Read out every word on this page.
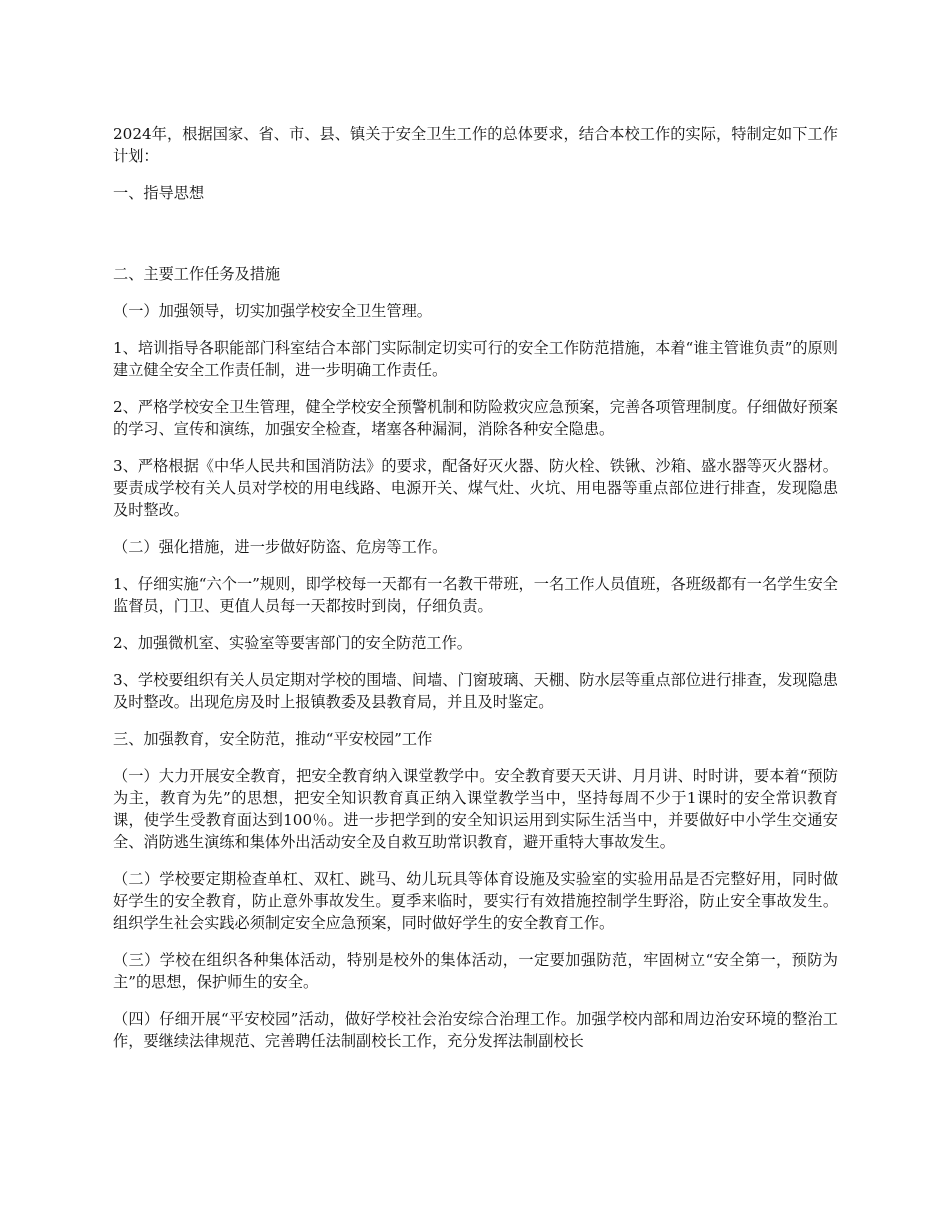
2024年，根据国家、省、市、县、镇关于安全卫生工作的总体要求，结合本校工作的实际，特制定如下工作计划：

一、指导思想

二、主要工作任务及措施

（一）加强领导，切实加强学校安全卫生管理。

1、培训指导各职能部门科室结合本部门实际制定切实可行的安全工作防范措施，本着“谁主管谁负责”的原则建立健全安全工作责任制，进一步明确工作责任。

2、严格学校安全卫生管理，健全学校安全预警机制和防险救灾应急预案，完善各项管理制度。仔细做好预案的学习、宣传和演练，加强安全检查，堵塞各种漏洞，消除各种安全隐患。

3、严格根据《中华人民共和国消防法》的要求，配备好灭火器、防火栓、铁锹、沙箱、盛水器等灭火器材。要责成学校有关人员对学校的用电线路、电源开关、煤气灶、火坑、用电器等重点部位进行排查，发现隐患及时整改。

（二）强化措施，进一步做好防盗、危房等工作。

1、仔细实施“六个一”规则，即学校每一天都有一名教干带班，一名工作人员值班，各班级都有一名学生安全监督员，门卫、更值人员每一天都按时到岗，仔细负责。

2、加强微机室、实验室等要害部门的安全防范工作。

3、学校要组织有关人员定期对学校的围墙、间墙、门窗玻璃、天棚、防水层等重点部位进行排查，发现隐患及时整改。出现危房及时上报镇教委及县教育局，并且及时鉴定。

三、加强教育，安全防范，推动“平安校园”工作

（一）大力开展安全教育，把安全教育纳入课堂教学中。安全教育要天天讲、月月讲、时时讲，要本着“预防为主，教育为先”的思想，把安全知识教育真正纳入课堂教学当中，坚持每周不少于1课时的安全常识教育课，使学生受教育面达到100％。进一步把学到的安全知识运用到实际生活当中，并要做好中小学生交通安全、消防逃生演练和集体外出活动安全及自救互助常识教育，避开重特大事故发生。

（二）学校要定期检查单杠、双杠、跳马、幼儿玩具等体育设施及实验室的实验用品是否完整好用，同时做好学生的安全教育，防止意外事故发生。夏季来临时，要实行有效措施控制学生野浴，防止安全事故发生。组织学生社会实践必须制定安全应急预案，同时做好学生的安全教育工作。

（三）学校在组织各种集体活动，特别是校外的集体活动，一定要加强防范，牢固树立“安全第一，预防为主”的思想，保护师生的安全。

（四）仔细开展“平安校园”活动，做好学校社会治安综合治理工作。加强学校内部和周边治安环境的整治工作，要继续法律规范、完善聘任法制副校长工作，充分发挥法制副校长
